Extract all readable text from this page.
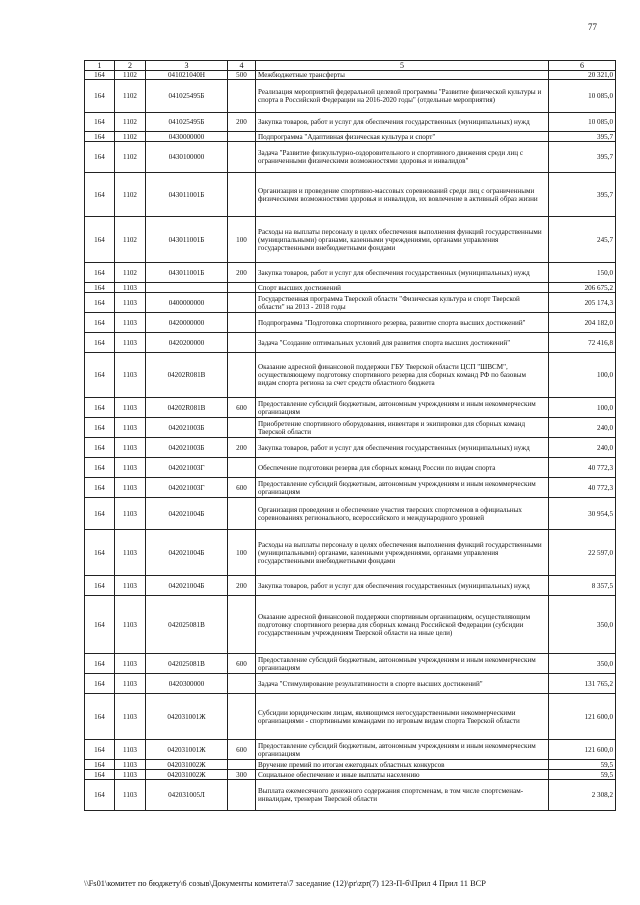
77
1	2	3	4	5	6
164	1102	041021040Н	500	Межбюджетные трансферты	20 321,0
164	1102	041025495Б		Реализация мероприятий федеральной целевой программы "Развитие физической культуры и спорта в Российской Федерации на 2016-2020 годы" (отдельные мероприятия)	10 085,0
164	1102	041025495Б	200	Закупка товаров, работ и услуг для обеспечения государственных (муниципальных) нужд	10 085,0
164	1102	0430000000		Подпрограмма "Адаптивная физическая культура и спорт"	395,7
164	1102	0430100000		Задача "Развитие физкультурно-оздоровительного и спортивного движения среди лиц с ограниченными физическими возможностями здоровья и инвалидов"	395,7
164	1102	043011001Б		Организация и проведение спортивно-массовых соревнований среди лиц с ограниченными физическими возможностями здоровья и инвалидов, их вовлечение в активный образ жизни	395,7
164	1102	043011001Б	100	Расходы на выплаты персоналу в целях обеспечения выполнения функций государственными (муниципальными) органами, казенными учреждениями, органами управления государственными внебюджетными фондами	245,7
164	1102	043011001Б	200	Закупка товаров, работ и услуг для обеспечения государственных (муниципальных) нужд	150,0
164	1103			Спорт высших достижений	206 675,2
164	1103	0400000000		Государственная программа Тверской области "Физическая культура и спорт Тверской области" на 2013 - 2018 годы	205 174,3
164	1103	0420000000		Подпрограмма "Подготовка спортивного резерва, развитие спорта высших достижений"	204 182,0
164	1103	0420200000		Задача "Создание оптимальных условий для развития спорта высших достижений"	72 416,8
164	1103	04202R081В		Оказание адресной финансовой поддержки ГБУ Тверской области ЦСП "ШВСМ", осуществляющему подготовку спортивного резерва для сборных команд РФ по базовым видам спорта региона за счет средств областного бюджета	100,0
164	1103	04202R081В	600	Предоставление субсидий бюджетным, автономным учреждениям и иным некоммерческим организациям	100,0
164	1103	042021003Б		Приобретение спортивного оборудования, инвентаря и экипировки для сборных команд Тверской области	240,0
164	1103	042021003Б	200	Закупка товаров, работ и услуг для обеспечения государственных (муниципальных) нужд	240,0
164	1103	042021003Г		Обеспечение подготовки резерва для сборных команд России по видам спорта	40 772,3
164	1103	042021003Г	600	Предоставление субсидий бюджетным, автономным учреждениям и иным некоммерческим организациям	40 772,3
164	1103	042021004Б		Организация проведения и обеспечение участия тверских спортсменов в официальных соревнованиях регионального, всероссийского и международного уровней	30 954,5
164	1103	042021004Б	100	Расходы на выплаты персоналу в целях обеспечения выполнения функций государственными (муниципальными) органами, казенными учреждениями, органами управления государственными внебюджетными фондами	22 597,0
164	1103	042021004Б	200	Закупка товаров, работ и услуг для обеспечения государственных (муниципальных) нужд	8 357,5
164	1103	042025081В		Оказание адресной финансовой поддержки спортивным организациям, осуществляющим подготовку спортивного резерва для сборных команд Российской Федерации (субсидии государственным учреждениям Тверской области на иные цели)	350,0
164	1103	042025081В	600	Предоставление субсидий бюджетным, автономным учреждениям и иным некоммерческим организациям	350,0
164	1103	0420300000		Задача "Стимулирование результативности в спорте высших достижений"	131 765,2
164	1103	042031001Ж		Субсидии юридическим лицам, являющимся негосударственными некоммерческими организациями - спортивными командами по игровым видам спорта Тверской области	121 600,0
164	1103	042031001Ж	600	Предоставление субсидий бюджетным, автономным учреждениям и иным некоммерческим организациям	121 600,0
164	1103	042031002Ж		Вручение премий по итогам ежегодных областных конкурсов	59,5
164	1103	042031002Ж	300	Социальное обеспечение и иные выплаты населению	59,5
164	1103	042031005Л		Выплата ежемесячного денежного содержания спортсменам, в том числе спортсменам-инвалидам, тренерам Тверской области	2 308,2
\\Fs01\комитет по бюджету\6 созыв\Документы комитета\7 заседание (12)\pr\zpr(7) 123-П-б\Прил 4 Прил 11 ВСР
